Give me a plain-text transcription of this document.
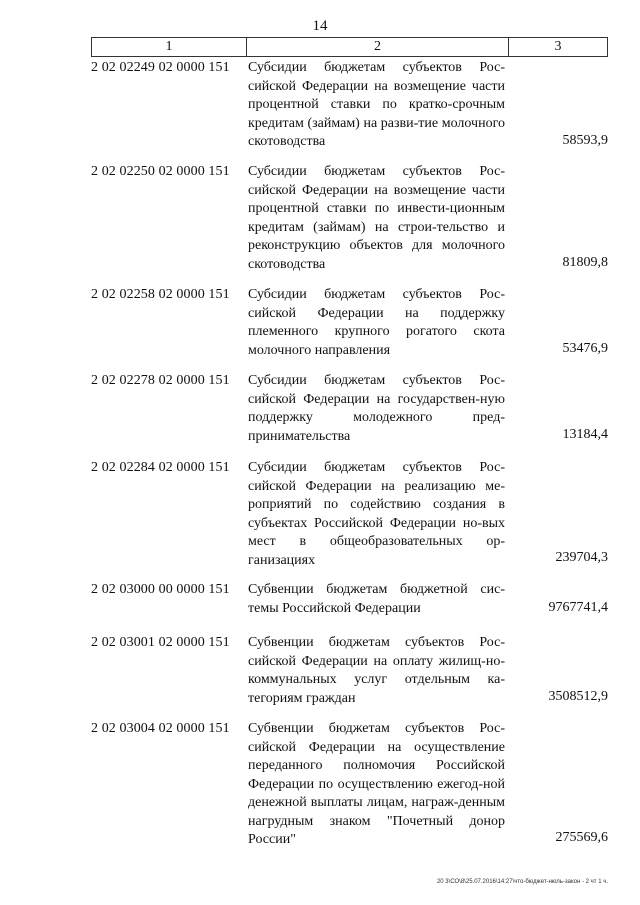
14
1	2	3
2 02 02249 02 0000 151 Субсидии бюджетам субъектов Рос-сийской Федерации на возмещение части процентной ставки по кратко-срочным кредитам (займам) на разви-тие молочного скотоводства	58593,9
2 02 02250 02 0000 151 Субсидии бюджетам субъектов Рос-сийской Федерации на возмещение части процентной ставки по инвести-ционным кредитам (займам) на строи-тельство и реконструкцию объектов для молочного скотоводства	81809,8
2 02 02258 02 0000 151 Субсидии бюджетам субъектов Рос-сийской Федерации на поддержку племенного крупного рогатого скота молочного направления	53476,9
2 02 02278 02 0000 151 Субсидии бюджетам субъектов Рос-сийской Федерации на государствен-ную поддержку молодежного пред-принимательства	13184,4
2 02 02284 02 0000 151 Субсидии бюджетам субъектов Рос-сийской Федерации на реализацию ме-роприятий по содействию создания в субъектах Российской Федерации но-вых мест в общеобразовательных ор-ганизациях	239704,3
2 02 03000 00 0000 151 Субвенции бюджетам бюджетной сис-темы Российской Федерации	9767741,4
2 02 03001 02 0000 151 Субвенции бюджетам субъектов Рос-сийской Федерации на оплату жилищ-но-коммунальных услуг отдельным ка-тегориям граждан	3508512,9
2 02 03004 02 0000 151 Субвенции бюджетам субъектов Рос-сийской Федерации на осуществление переданного полномочия Российской Федерации по осуществлению ежегод-ной денежной выплаты лицам, награж-денным нагрудным знаком "Почетный донор России"	275569,6
20 3\СО\8\25.07.2016\14:27\что-бюджет-нюль-закон - 2 чт 1 ч.
